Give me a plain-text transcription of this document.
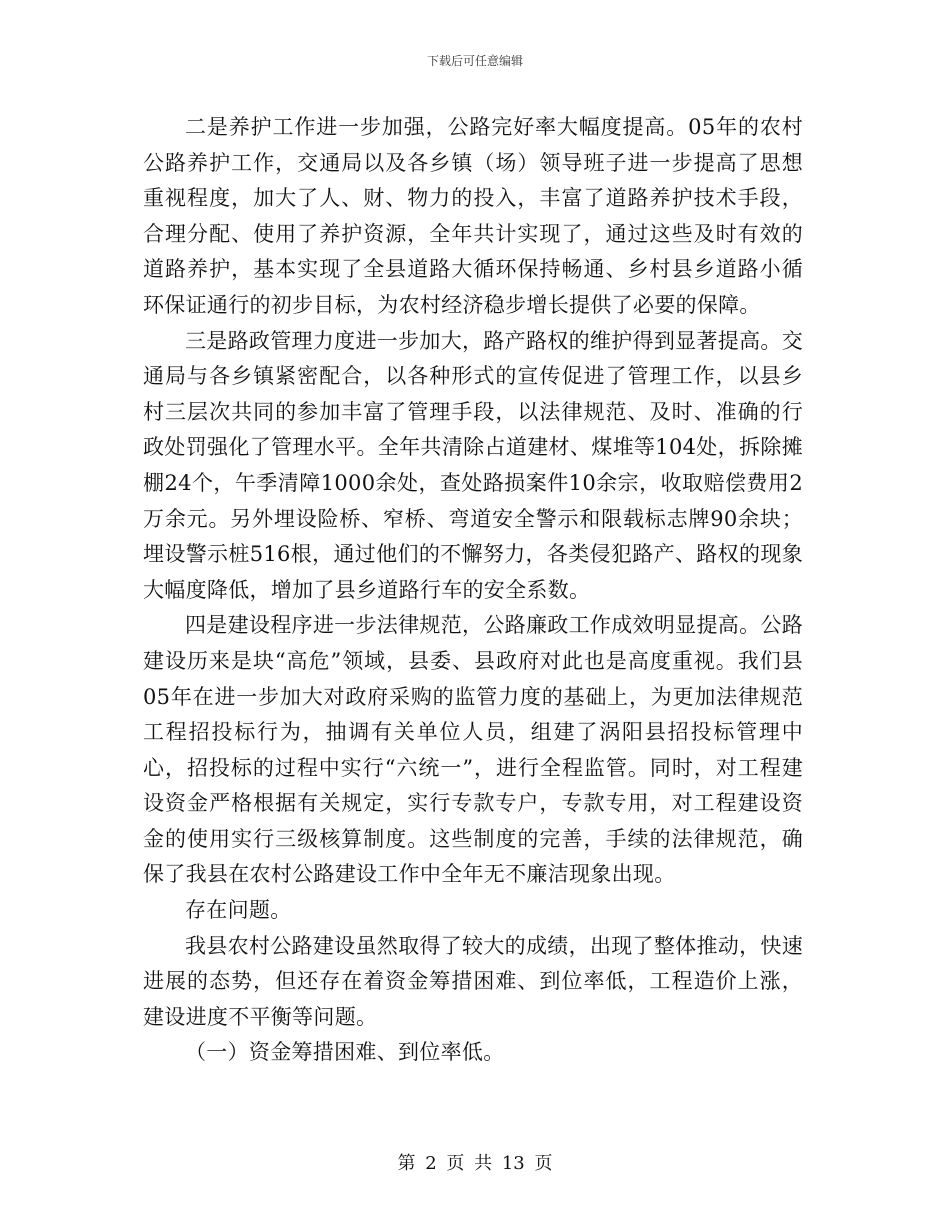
下载后可任意编辑

二是养护工作进一步加强，公路完好率大幅度提高。05年的农村公路养护工作，交通局以及各乡镇（场）领导班子进一步提高了思想重视程度，加大了人、财、物力的投入，丰富了道路养护技术手段，合理分配、使用了养护资源，全年共计实现了，通过这些及时有效的道路养护，基本实现了全县道路大循环保持畅通、乡村县乡道路小循环保证通行的初步目标，为农村经济稳步增长提供了必要的保障。

三是路政管理力度进一步加大，路产路权的维护得到显著提高。交通局与各乡镇紧密配合，以各种形式的宣传促进了管理工作，以县乡村三层次共同的参加丰富了管理手段，以法律规范、及时、准确的行政处罚强化了管理水平。全年共清除占道建材、煤堆等104处，拆除摊棚24个，午季清障1000余处，查处路损案件10余宗，收取赔偿费用2万余元。另外埋设险桥、窄桥、弯道安全警示和限载标志牌90余块；埋设警示桩516根，通过他们的不懈努力，各类侵犯路产、路权的现象大幅度降低，增加了县乡道路行车的安全系数。

四是建设程序进一步法律规范，公路廉政工作成效明显提高。公路建设历来是块“高危”领域，县委、县政府对此也是高度重视。我们县05年在进一步加大对政府采购的监管力度的基础上，为更加法律规范工程招投标行为，抽调有关单位人员，组建了涡阳县招投标管理中心，招投标的过程中实行“六统一”，进行全程监管。同时，对工程建设资金严格根据有关规定，实行专款专户，专款专用，对工程建设资金的使用实行三级核算制度。这些制度的完善，手续的法律规范，确保了我县在农村公路建设工作中全年无不廉洁现象出现。

存在问题。

我县农村公路建设虽然取得了较大的成绩，出现了整体推动，快速进展的态势，但还存在着资金筹措困难、到位率低，工程造价上涨，建设进度不平衡等问题。

（一）资金筹措困难、到位率低。

第 2 页 共 13 页
